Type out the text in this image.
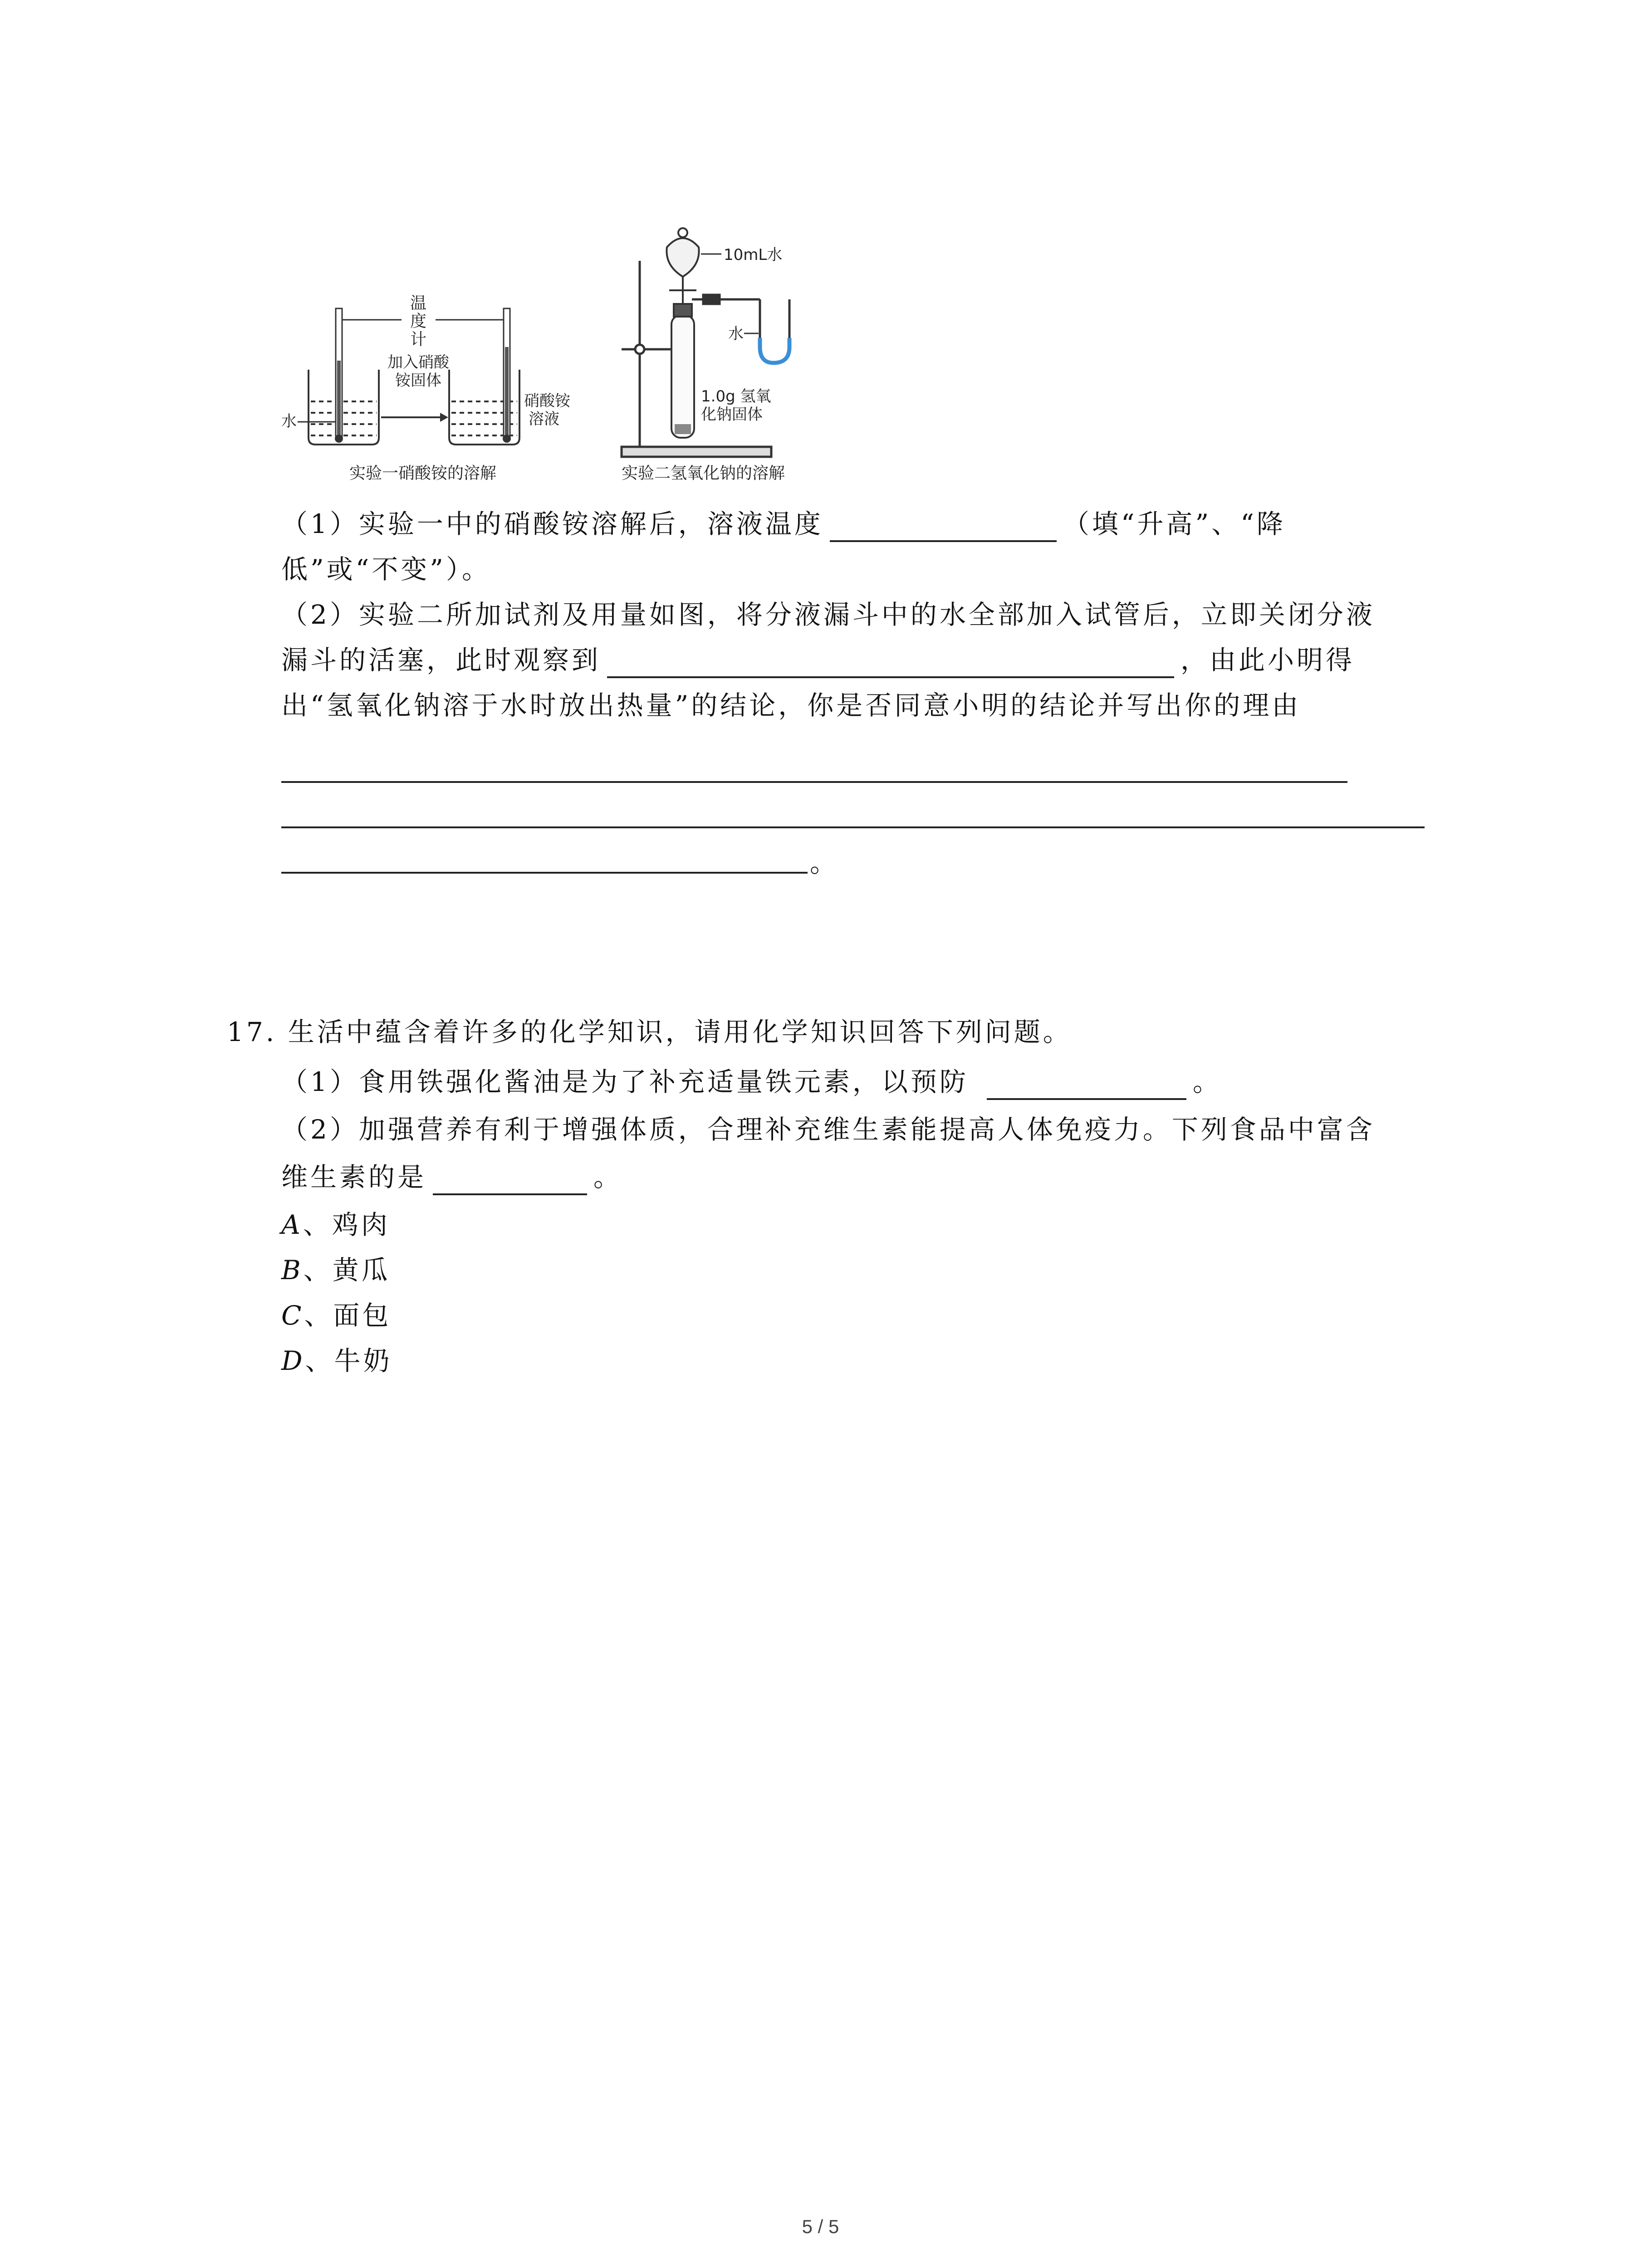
温
度
计
加入硝酸
铵固体
水
硝酸铵
溶液
实验一硝酸铵的溶解
10mL水
水
1.0g 氢氧
化钠固体
实验二氢氧化钠的溶解
（1）实验一中的硝酸铵溶解后，溶液温度	（填“升高”、“降
低”或“不变”）。
（2）实验二所加试剂及用量如图，将分液漏斗中的水全部加入试管后，立即关闭分液
漏斗的活塞，此时观察到	，由此小明得
出“氢氧化钠溶于水时放出热量”的结论，你是否同意小明的结论并写出你的理由
。
17. 生活中蕴含着许多的化学知识，请用化学知识回答下列问题。
（1）食用铁强化酱油是为了补充适量铁元素，以预防	。
（2）加强营养有利于增强体质，合理补充维生素能提高人体免疫力。下列食品中富含
维生素的是	。
A、鸡肉
B、黄瓜
C、面包
D、牛奶
5 / 5
